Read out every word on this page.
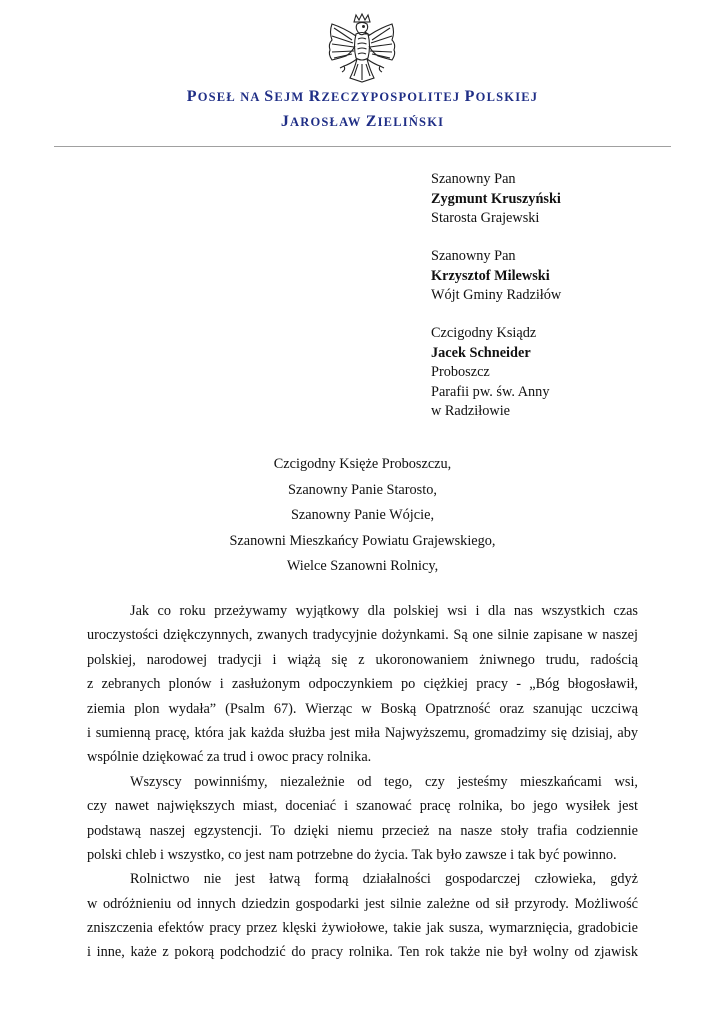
POSEŁ NA SEJM RZECZYPOSPOLITEJ POLSKIEJ
JAROSŁAW ZIELIŃSKI
Szanowny Pan
Zygmunt Kruszyński
Starosta Grajewski
Szanowny Pan
Krzysztof Milewski
Wójt Gminy Radziłów
Czcigodny Ksiądz
Jacek Schneider
Proboszcz
Parafii pw. św. Anny
w Radziłowie
Czcigodny Księże Proboszczu,
Szanowny Panie Starosto,
Szanowny Panie Wójcie,
Szanowni Mieszkańcy Powiatu Grajewskiego,
Wielce Szanowni Rolnicy,
Jak co roku przeżywamy wyjątkowy dla polskiej wsi i dla nas wszystkich czas
uroczystości dziękczynnych, zwanych tradycyjnie dożynkami. Są one silnie zapisane w naszej
polskiej, narodowej tradycji i wiążą się z ukoronowaniem żniwnego trudu, radością
z zebranych plonów i zasłużonym odpoczynkiem po ciężkiej pracy - „Bóg błogosławił,
ziemia plon wydała” (Psalm 67). Wierząc w Boską Opatrzność oraz szanując uczciwą
i sumienną pracę, która jak każda służba jest miła Najwyższemu, gromadzimy się dzisiaj, aby
wspólnie dziękować za trud i owoc pracy rolnika.
Wszyscy powinniśmy, niezależnie od tego, czy jesteśmy mieszkańcami wsi,
czy nawet największych miast, doceniać i szanować pracę rolnika, bo jego wysiłek jest
podstawą naszej egzystencji. To dzięki niemu przecież na nasze stoły trafia codziennie
polski chleb i wszystko, co jest nam potrzebne do życia. Tak było zawsze i tak być powinno.
Rolnictwo nie jest łatwą formą działalności gospodarczej człowieka, gdyż
w odróżnieniu od innych dziedzin gospodarki jest silnie zależne od sił przyrody. Możliwość
zniszczenia efektów pracy przez klęski żywiołowe, takie jak susza, wymarznięcia, gradobicie
i inne, każe z pokorą podchodzić do pracy rolnika. Ten rok także nie był wolny od zjawisk
